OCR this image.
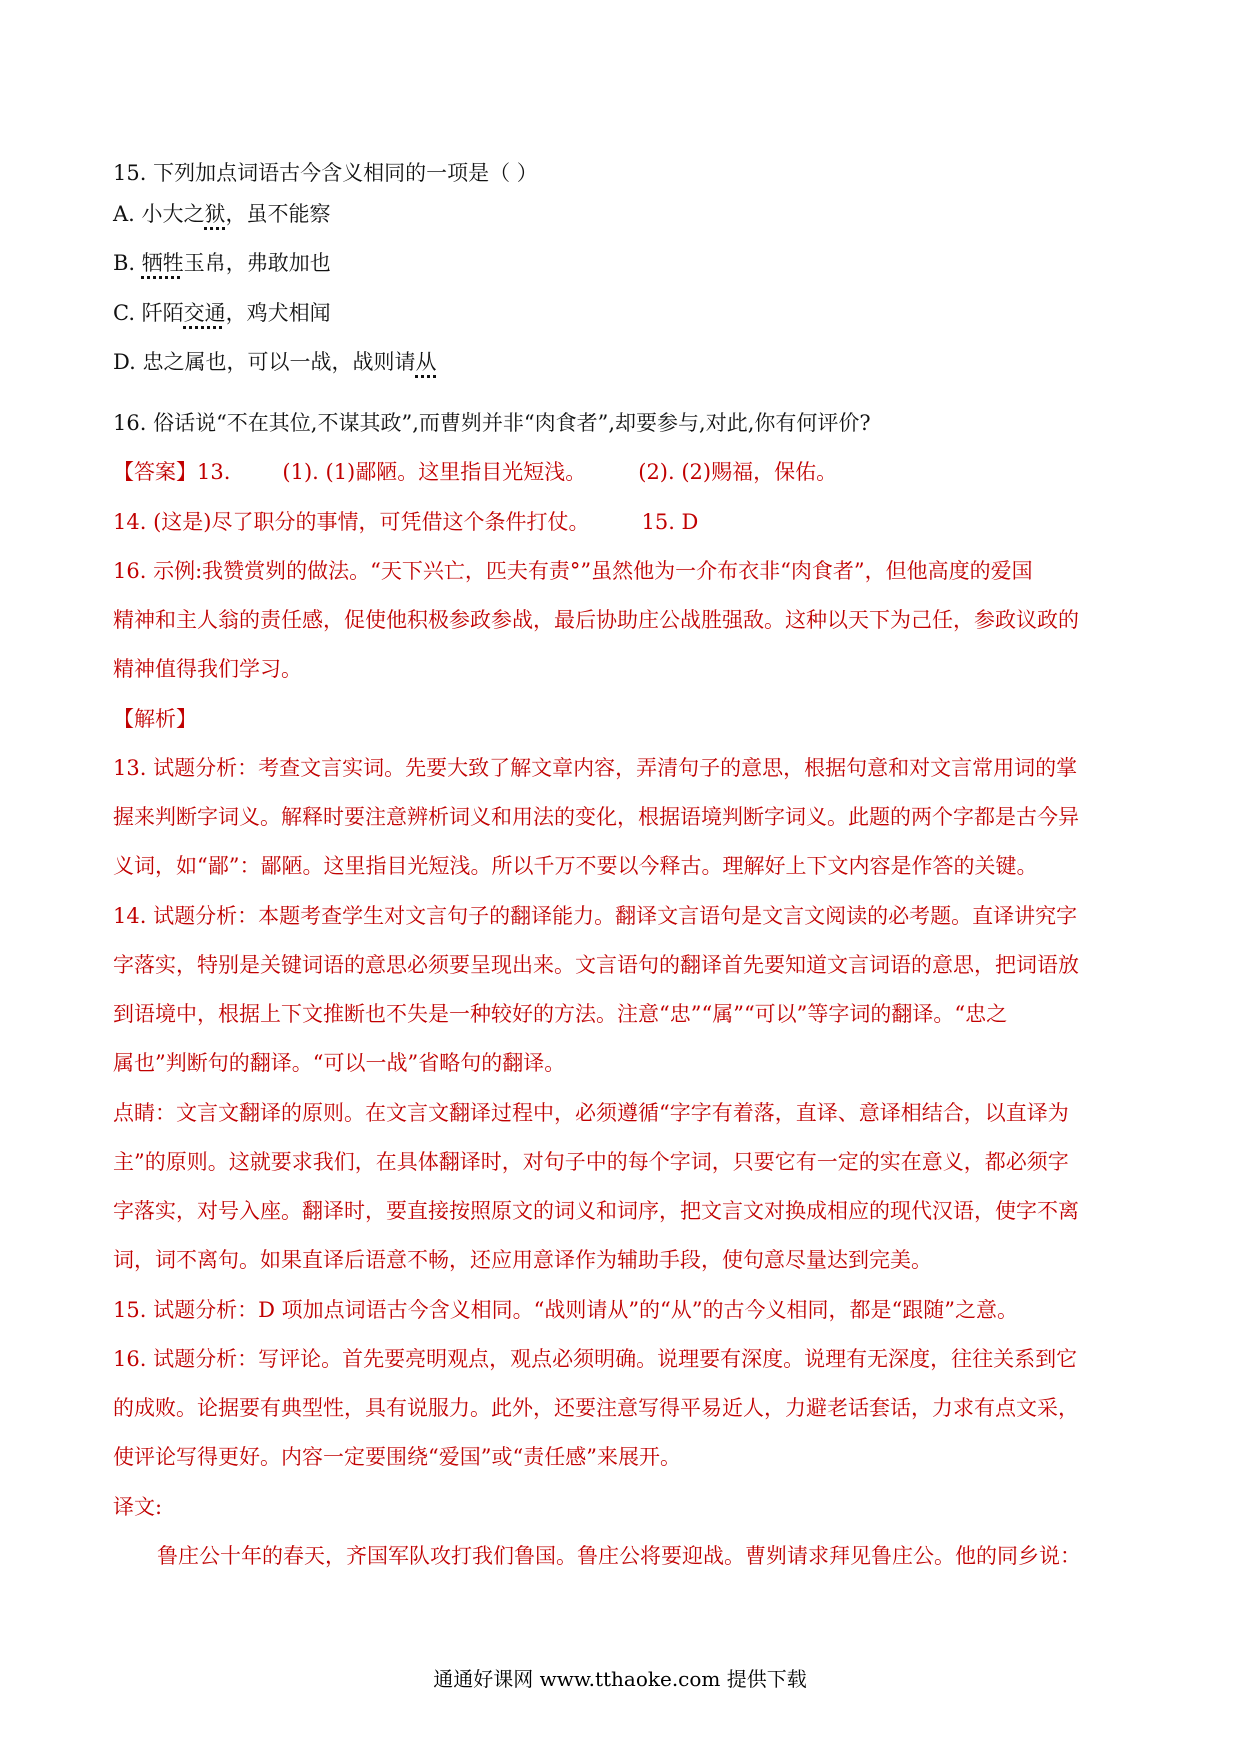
15. 下列加点词语古今含义相同的一项是（ ）
A. 小大之狱，虽不能察
B. 牺牲玉帛，弗敢加也
C. 阡陌交通，鸡犬相闻
D. 忠之属也，可以一战，战则请从
16. 俗话说“不在其位,不谋其政”,而曹刿并非“肉食者”,却要参与,对此,你有何评价?
【答案】13. (1). (1)鄙陋。这里指目光短浅。 (2). (2)赐福，保佑。
14. (这是)尽了职分的事情，可凭借这个条件打仗。 15. D
16. 示例:我赞赏刿的做法。“天下兴亡，匹夫有责°”虽然他为一介布衣非“肉食者”，但他高度的爱国
精神和主人翁的责任感，促使他积极参政参战，最后协助庄公战胜强敌。这种以天下为己任，参政议政的
精神值得我们学习。
【解析】
13. 试题分析：考查文言实词。先要大致了解文章内容，弄清句子的意思，根据句意和对文言常用词的掌
握来判断字词义。解释时要注意辨析词义和用法的变化，根据语境判断字词义。此题的两个字都是古今异
义词，如“鄙”：鄙陋。这里指目光短浅。所以千万不要以今释古。理解好上下文内容是作答的关键。
14. 试题分析：本题考查学生对文言句子的翻译能力。翻译文言语句是文言文阅读的必考题。直译讲究字
字落实，特别是关键词语的意思必须要呈现出来。文言语句的翻译首先要知道文言词语的意思，把词语放
到语境中，根据上下文推断也不失是一种较好的方法。注意“忠”“属”“可以”等字词的翻译。“忠之
属也”判断句的翻译。“可以一战”省略句的翻译。
点睛：文言文翻译的原则。在文言文翻译过程中，必须遵循“字字有着落，直译、意译相结合，以直译为
主”的原则。这就要求我们，在具体翻译时，对句子中的每个字词，只要它有一定的实在意义，都必须字
字落实，对号入座。翻译时，要直接按照原文的词义和词序，把文言文对换成相应的现代汉语，使字不离
词，词不离句。如果直译后语意不畅，还应用意译作为辅助手段，使句意尽量达到完美。
15. 试题分析：D 项加点词语古今含义相同。“战则请从”的“从”的古今义相同，都是“跟随”之意。
16. 试题分析：写评论。首先要亮明观点，观点必须明确。说理要有深度。说理有无深度，往往关系到它
的成败。论据要有典型性，具有说服力。此外，还要注意写得平易近人，力避老话套话，力求有点文采，
使评论写得更好。内容一定要围绕“爱国”或“责任感”来展开。
译文:
鲁庄公十年的春天，齐国军队攻打我们鲁国。鲁庄公将要迎战。曹刿请求拜见鲁庄公。他的同乡说：
通通好课网 www.tthaoke.com 提供下载
